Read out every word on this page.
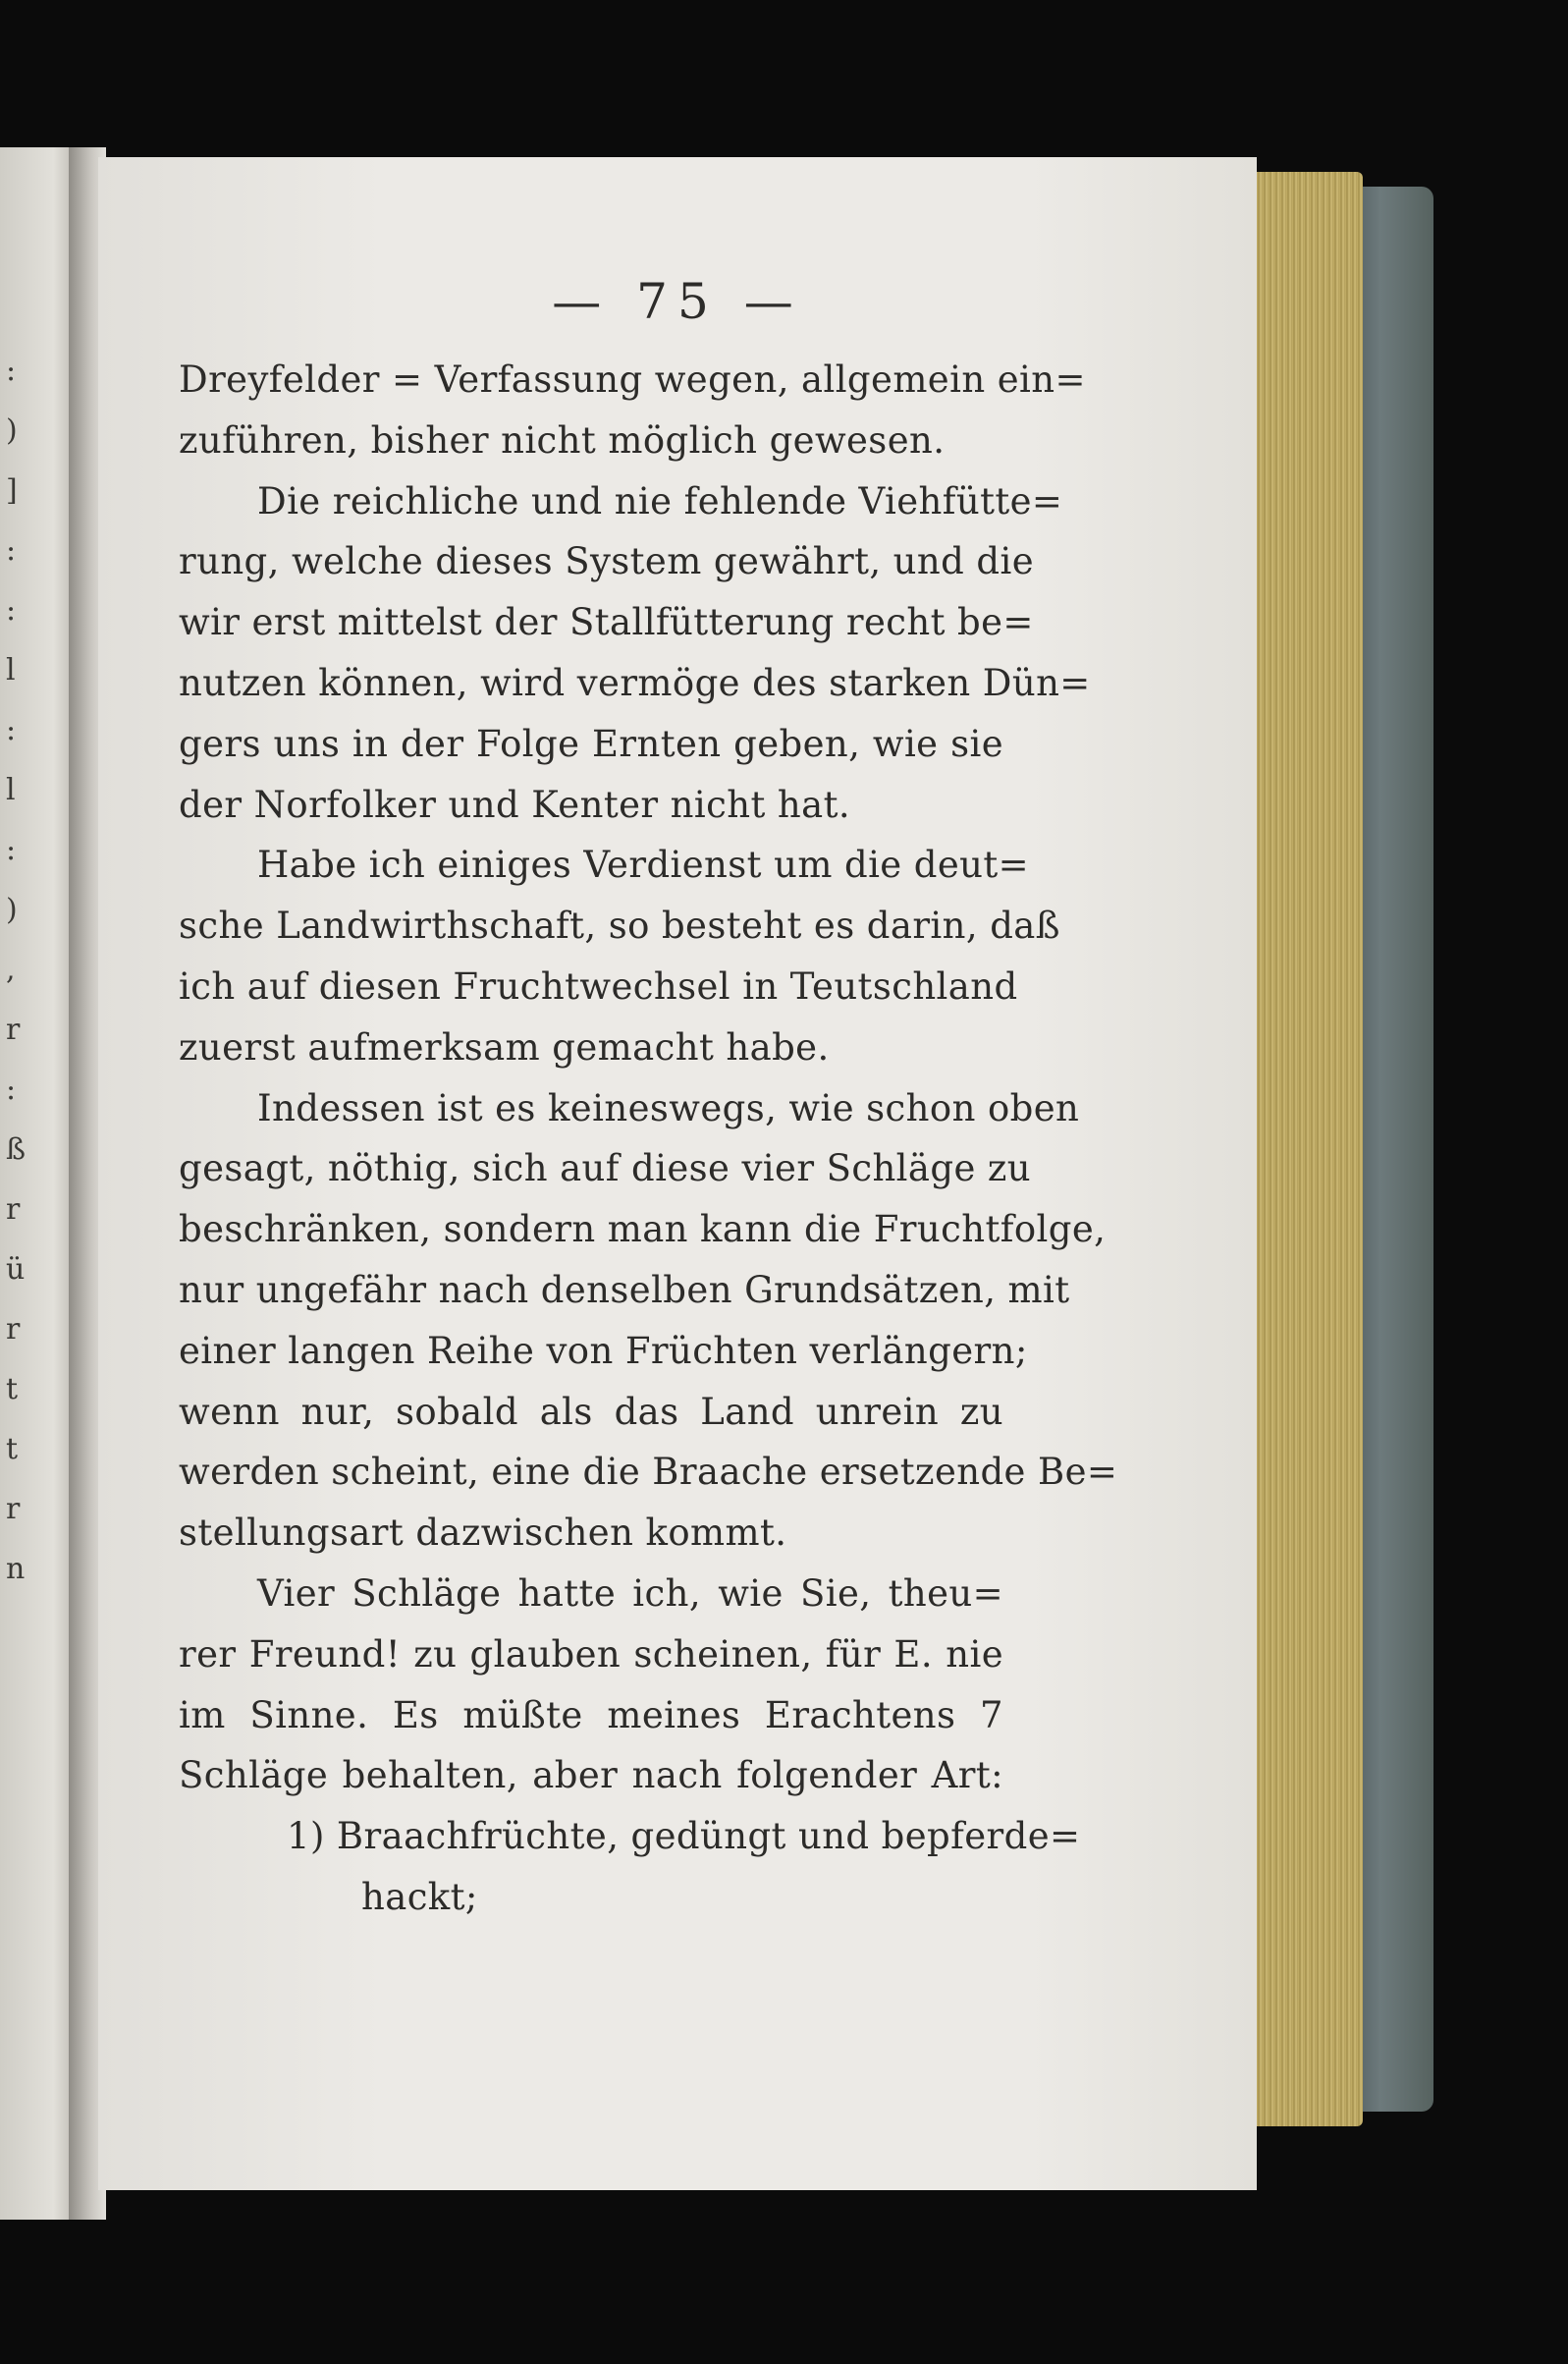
:
)
]
:
:
l
:
l
:
)
,
r
:
ß
r
ü
r
t
t
r
n
— 75 —
Dreyfelder = Verfassung wegen, allgemein ein=
zuführen, bisher nicht möglich gewesen.
Die reichliche und nie fehlende Viehfütte=
rung, welche dieses System gewährt, und die
wir erst mittelst der Stallfütterung recht be=
nutzen können, wird vermöge des starken Dün=
gers uns in der Folge Ernten geben, wie sie
der Norfolker und Kenter nicht hat.
Habe ich einiges Verdienst um die deut=
sche Landwirthschaft, so besteht es darin, daß
ich auf diesen Fruchtwechsel in Teutschland
zuerst aufmerksam gemacht habe.
Indessen ist es keineswegs, wie schon oben
gesagt, nöthig, sich auf diese vier Schläge zu
beschränken, sondern man kann die Fruchtfolge,
nur ungefähr nach denselben Grundsätzen, mit
einer langen Reihe von Früchten verlängern;
wenn nur, sobald als das Land unrein zu
werden scheint, eine die Braache ersetzende Be=
stellungsart dazwischen kommt.
Vier Schläge hatte ich, wie Sie, theu=
rer Freund! zu glauben scheinen, für E. nie
im Sinne. Es müßte meines Erachtens 7
Schläge behalten, aber nach folgender Art:
1) Braachfrüchte, gedüngt und bepferde=
hackt;
